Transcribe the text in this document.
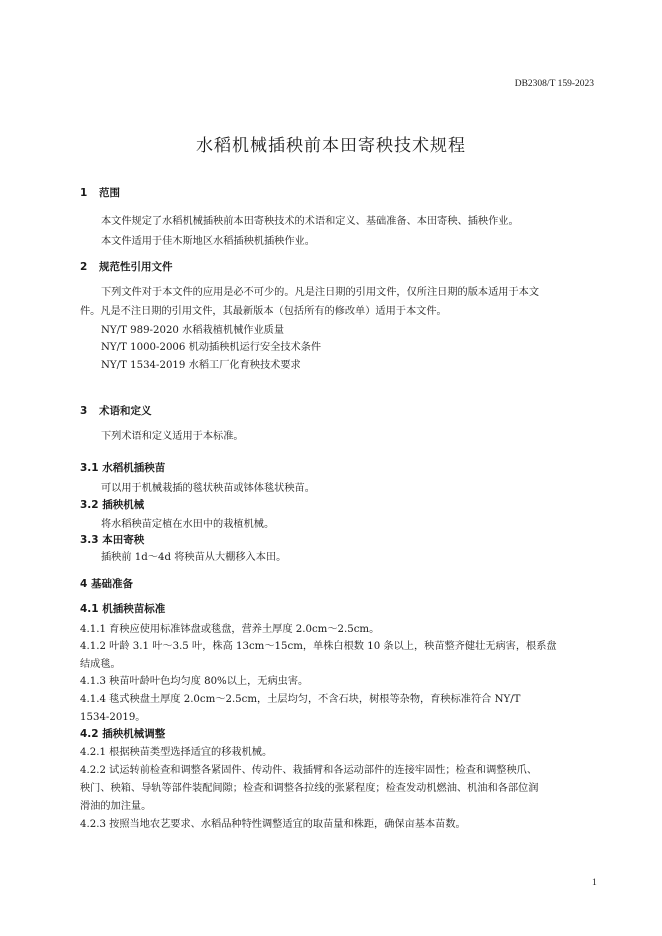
DB2308/T 159-2023
水稻机械插秧前本田寄秧技术规程
1 范围
本文件规定了水稻机械插秧前本田寄秧技术的术语和定义、基础准备、本田寄秧、插秧作业。
本文件适用于佳木斯地区水稻插秧机插秧作业。
2 规范性引用文件
下列文件对于本文件的应用是必不可少的。凡是注日期的引用文件，仅所注日期的版本适用于本文
件。凡是不注日期的引用文件，其最新版本（包括所有的修改单）适用于本文件。
NY/T 989-2020 水稻栽植机械作业质量
NY/T 1000-2006 机动插秧机运行安全技术条件
NY/T 1534-2019 水稻工厂化育秧技术要求
3 术语和定义
下列术语和定义适用于本标准。
3.1 水稻机插秧苗
可以用于机械栽插的毯状秧苗或钵体毯状秧苗。
3.2 插秧机械
将水稻秧苗定植在水田中的栽植机械。
3.3 本田寄秧
插秧前 1d～4d 将秧苗从大棚移入本田。
4 基础准备
4.1 机插秧苗标准
4.1.1 育秧应使用标准钵盘或毯盘，营养土厚度 2.0cm～2.5cm。
4.1.2 叶龄 3.1 叶～3.5 叶，株高 13cm～15cm，单株白根数 10 条以上，秧苗整齐健壮无病害，根系盘
结成毯。
4.1.3 秧苗叶龄叶色均匀度 80%以上，无病虫害。
4.1.4 毯式秧盘土厚度 2.0cm～2.5cm，土层均匀，不含石块，树根等杂物，育秧标准符合 NY/T
1534-2019。
4.2 插秧机械调整
4.2.1 根据秧苗类型选择适宜的移栽机械。
4.2.2 试运转前检查和调整各紧固件、传动件、栽插臂和各运动部件的连接牢固性；检查和调整秧爪、
秧门、秧箱、导轨等部件装配间隙；检查和调整各拉线的张紧程度；检查发动机燃油、机油和各部位润
滑油的加注量。
4.2.3 按照当地农艺要求、水稻品种特性调整适宜的取苗量和株距，确保亩基本苗数。
1
